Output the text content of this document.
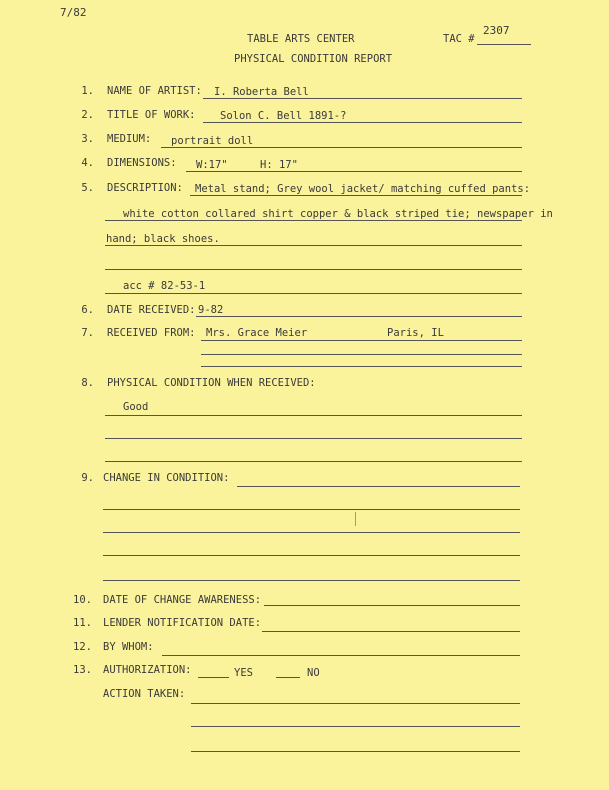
7/82
TABLE ARTS CENTER
PHYSICAL CONDITION REPORT
TAC #
2307
1. NAME OF ARTIST: I. Roberta Bell
2. TITLE OF WORK: Solon C. Bell 1891-?
3. MEDIUM: portrait doll
4. DIMENSIONS: W:17"	H: 17"
5. DESCRIPTION: Metal stand; Grey wool jacket/ matching cuffed pants:
white cotton collared shirt copper & black striped tie; newspaper in
hand; black shoes.
acc # 82-53-1
6. DATE RECEIVED: 9-82
7. RECEIVED FROM: Mrs. Grace Meier	Paris, IL
8. PHYSICAL CONDITION WHEN RECEIVED:
Good
9. CHANGE IN CONDITION:
10. DATE OF CHANGE AWARENESS:
11. LENDER NOTIFICATION DATE:
12. BY WHOM:
13. AUTHORIZATION:	YES	NO
ACTION TAKEN:
